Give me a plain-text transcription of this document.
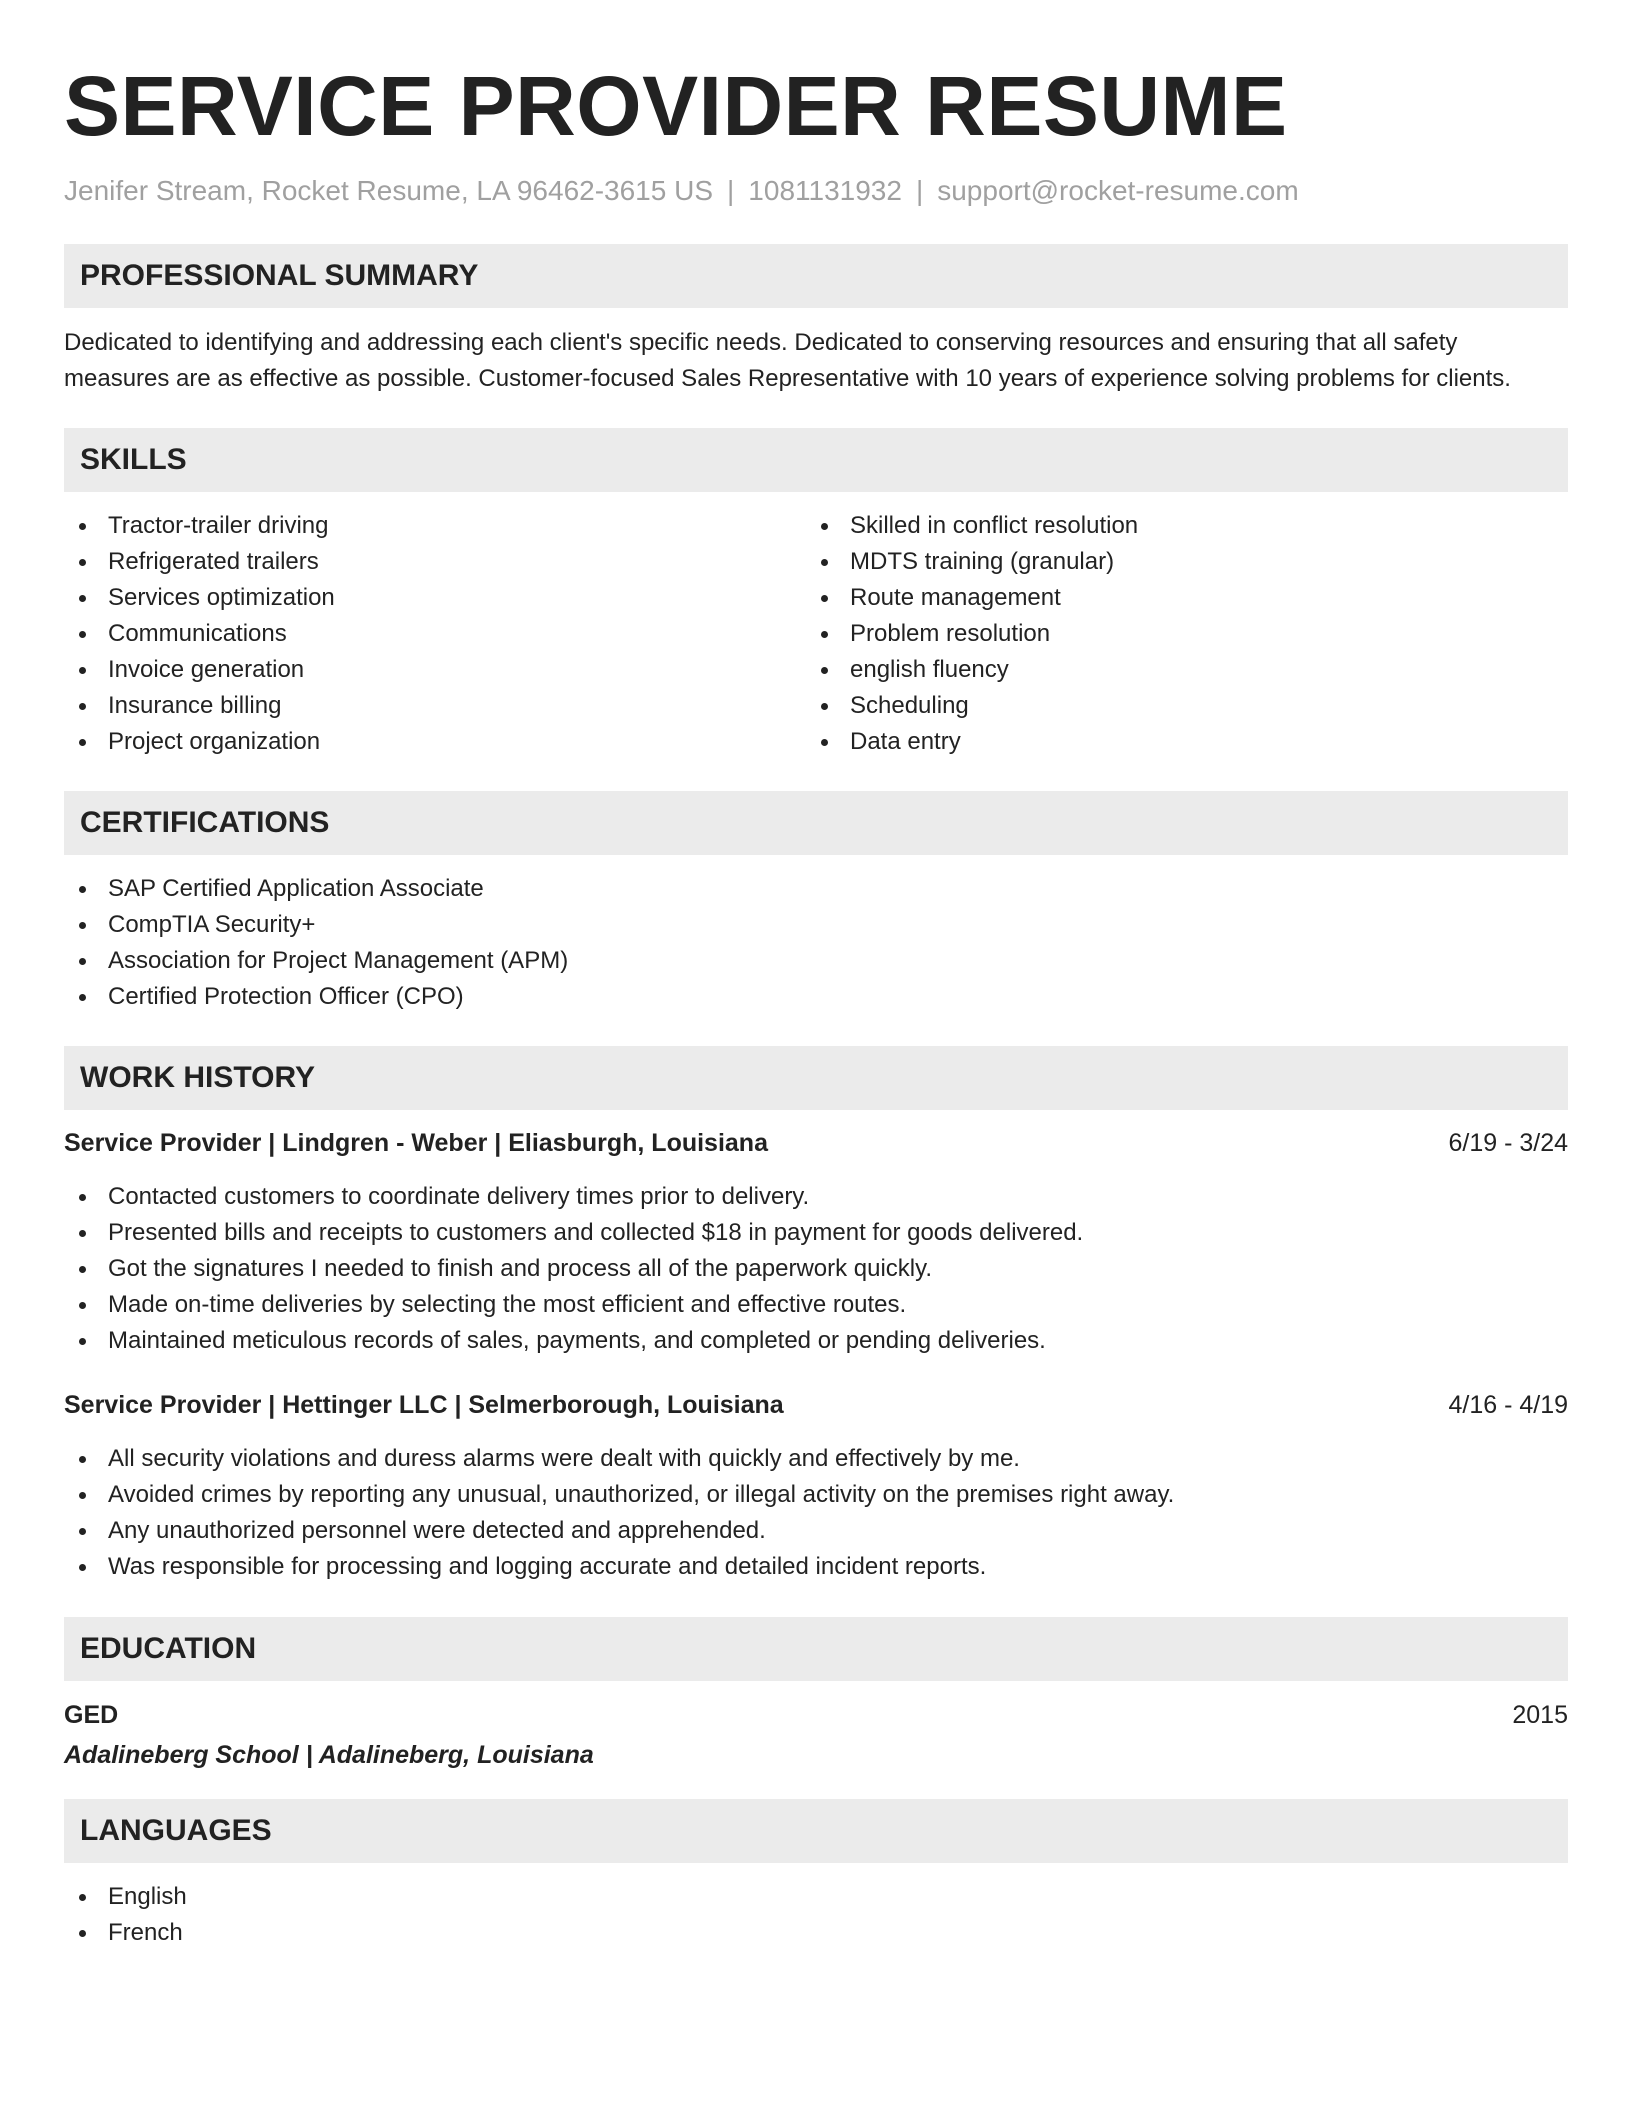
SERVICE PROVIDER RESUME
Jenifer Stream, Rocket Resume, LA 96462-3615 US | 1081131932 | support@rocket-resume.com
PROFESSIONAL SUMMARY

Dedicated to identifying and addressing each client's specific needs. Dedicated to conserving resources and ensuring that all safety measures are as effective as possible. Customer-focused Sales Representative with 10 years of experience solving problems for clients.

SKILLS
Tractor-trailer driving
Refrigerated trailers
Services optimization
Communications
Invoice generation
Insurance billing
Project organization
Skilled in conflict resolution
MDTS training (granular)
Route management
Problem resolution
english fluency
Scheduling
Data entry
CERTIFICATIONS
SAP Certified Application Associate
CompTIA Security+
Association for Project Management (APM)
Certified Protection Officer (CPO)
WORK HISTORY
Service Provider | Lindgren - Weber | Eliasburgh, Louisiana	6/19 - 3/24
Contacted customers to coordinate delivery times prior to delivery.
Presented bills and receipts to customers and collected $18 in payment for goods delivered.
Got the signatures I needed to finish and process all of the paperwork quickly.
Made on-time deliveries by selecting the most efficient and effective routes.
Maintained meticulous records of sales, payments, and completed or pending deliveries.
Service Provider | Hettinger LLC | Selmerborough, Louisiana	4/16 - 4/19
All security violations and duress alarms were dealt with quickly and effectively by me.
Avoided crimes by reporting any unusual, unauthorized, or illegal activity on the premises right away.
Any unauthorized personnel were detected and apprehended.
Was responsible for processing and logging accurate and detailed incident reports.
EDUCATION
GED	2015
Adalineberg School | Adalineberg, Louisiana
LANGUAGES
English
French
